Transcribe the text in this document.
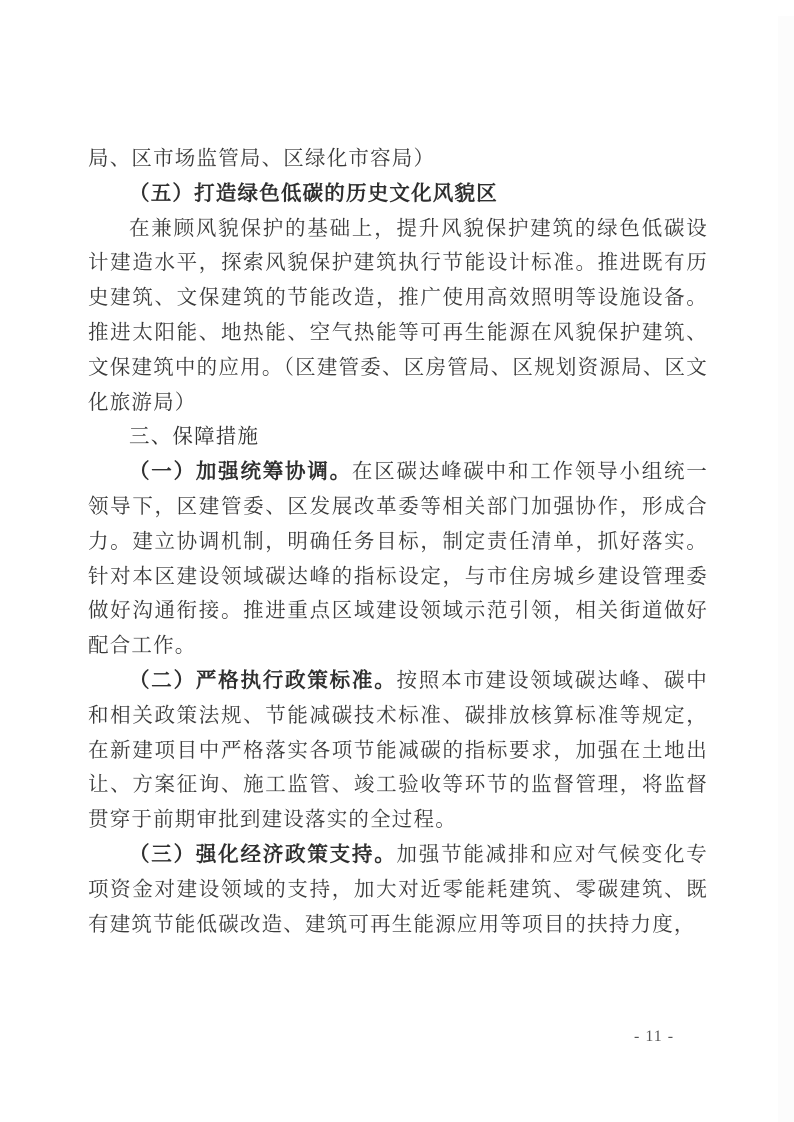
局、区市场监管局、区绿化市容局）

（五）打造绿色低碳的历史文化风貌区

在兼顾风貌保护的基础上，提升风貌保护建筑的绿色低碳设计建造水平，探索风貌保护建筑执行节能设计标准。推进既有历史建筑、文保建筑的节能改造，推广使用高效照明等设施设备。推进太阳能、地热能、空气热能等可再生能源在风貌保护建筑、文保建筑中的应用。（区建管委、区房管局、区规划资源局、区文化旅游局）

三、保障措施

（一）加强统筹协调。在区碳达峰碳中和工作领导小组统一领导下，区建管委、区发展改革委等相关部门加强协作，形成合力。建立协调机制，明确任务目标，制定责任清单，抓好落实。针对本区建设领域碳达峰的指标设定，与市住房城乡建设管理委做好沟通衔接。推进重点区域建设领域示范引领，相关街道做好配合工作。

（二）严格执行政策标准。按照本市建设领域碳达峰、碳中和相关政策法规、节能减碳技术标准、碳排放核算标准等规定，在新建项目中严格落实各项节能减碳的指标要求，加强在土地出让、方案征询、施工监管、竣工验收等环节的监督管理，将监督贯穿于前期审批到建设落实的全过程。

（三）强化经济政策支持。加强节能减排和应对气候变化专项资金对建设领域的支持，加大对近零能耗建筑、零碳建筑、既有建筑节能低碳改造、建筑可再生能源应用等项目的扶持力度，

- 11 -
